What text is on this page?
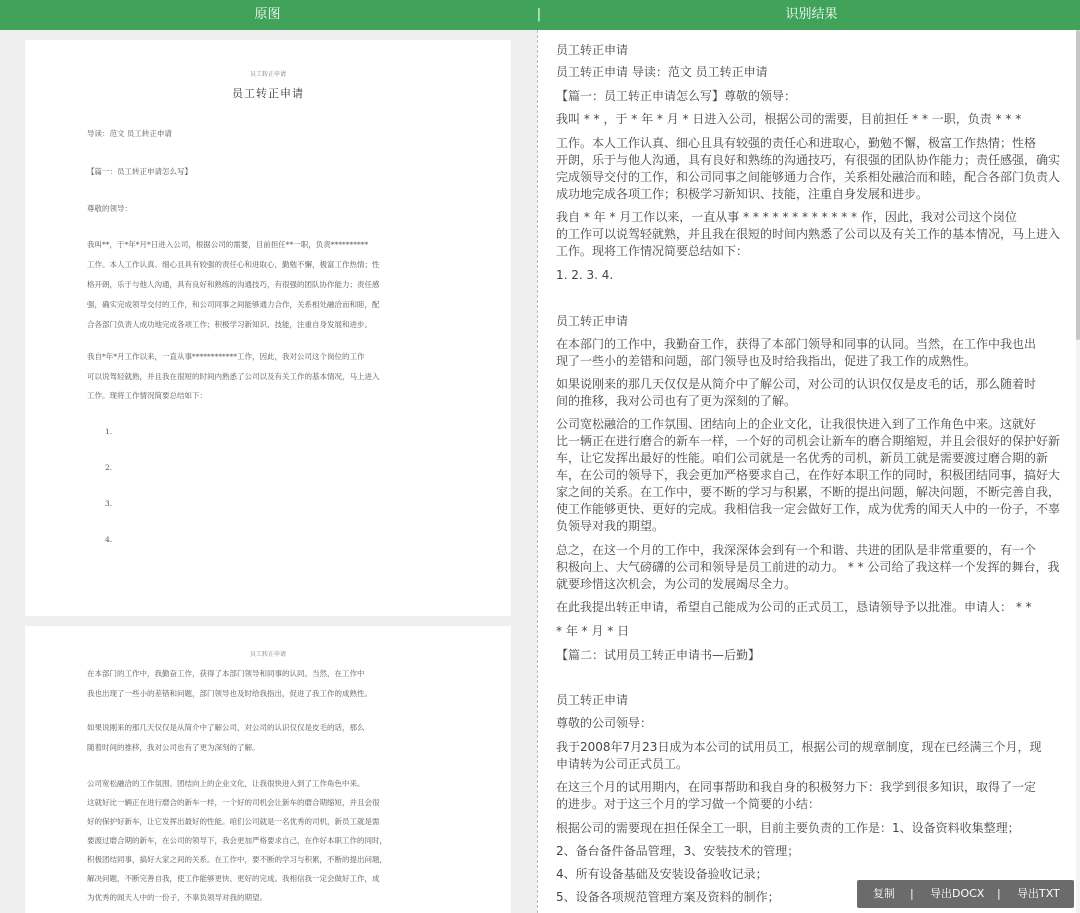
原图	|	识别结果
员工转正申请
员工转正申请
导读：范文 员工转正申请
【篇一：员工转正申请怎么写】
尊敬的领导：
我叫**，于*年*月*日进入公司，根据公司的需要，目前担任**一职，负责**********
工作。本人工作认真、细心且具有较强的责任心和进取心，勤勉不懈，极富工作热情；性
格开朗，乐于与他人沟通，具有良好和熟练的沟通技巧，有很强的团队协作能力；责任感
强，确实完成领导交付的工作，和公司同事之间能够通力合作，关系相处融洽而和睦，配
合各部门负责人成功地完成各项工作；积极学习新知识、技能，注重自身发展和进步。
我自*年*月工作以来，一直从事************工作，因此，我对公司这个岗位的工作
可以说驾轻就熟，并且我在很短的时间内熟悉了公司以及有关工作的基本情况，马上进入
工作。现将工作情况简要总结如下：
1.
2.
3.
4.
员工转正申请
在本部门的工作中，我勤奋工作，获得了本部门领导和同事的认同。当然，在工作中
我也出现了一些小的差错和问题，部门领导也及时给我指出，促进了我工作的成熟性。
如果说刚来的那几天仅仅是从简介中了解公司，对公司的认识仅仅是皮毛的话，那么
随着时间的推移，我对公司也有了更为深刻的了解。
公司宽松融洽的工作氛围、团结向上的企业文化，让我很快进入到了工作角色中来。
这就好比一辆正在进行磨合的新车一样，一个好的司机会让新车的磨合期缩短，并且会很
好的保护好新车，让它发挥出最好的性能。咱们公司就是一名优秀的司机，新员工就是需
要渡过磨合期的新车，在公司的领导下，我会更加严格要求自己，在作好本职工作的同时，
积极团结同事，搞好大家之间的关系。在工作中，要不断的学习与积累，不断的提出问题，
解决问题，不断完善自我，使工作能够更快、更好的完成。我相信我一定会做好工作，成
为优秀的闻天人中的一份子，不辜负领导对我的期望。
员工转正申请
员工转正申请 导读：范文 员工转正申请
【篇一：员工转正申请怎么写】尊敬的领导：
我叫 * * ，于 * 年 * 月 * 日进入公司，根据公司的需要，目前担任 * * 一职，负责 * * *
工作。本人工作认真、细心且具有较强的责任心和进取心，勤勉不懈，极富工作热情；性格
开朗，乐于与他人沟通，具有良好和熟练的沟通技巧，有很强的团队协作能力；责任感强，确实
完成领导交付的工作，和公司同事之间能够通力合作，关系相处融洽而和睦，配合各部门负责人
成功地完成各项工作；积极学习新知识、技能，注重自身发展和进步。
我自 * 年 * 月工作以来，一直从事 * * * * * * * * * * * * 作，因此，我对公司这个岗位
的工作可以说驾轻就熟，并且我在很短的时间内熟悉了公司以及有关工作的基本情况，马上进入
工作。现将工作情况简要总结如下：
1. 2. 3. 4.
员工转正申请
在本部门的工作中，我勤奋工作，获得了本部门领导和同事的认同。当然，在工作中我也出
现了一些小的差错和问题，部门领导也及时给我指出，促进了我工作的成熟性。
如果说刚来的那几天仅仅是从简介中了解公司，对公司的认识仅仅是皮毛的话，那么随着时
间的推移，我对公司也有了更为深刻的了解。
公司宽松融洽的工作氛围、团结向上的企业文化，让我很快进入到了工作角色中来。这就好
比一辆正在进行磨合的新车一样，一个好的司机会让新车的磨合期缩短，并且会很好的保护好新
车，让它发挥出最好的性能。咱们公司就是一名优秀的司机，新员工就是需要渡过磨合期的新
车，在公司的领导下，我会更加严格要求自己，在作好本职工作的同时，积极团结同事，搞好大
家之间的关系。在工作中，要不断的学习与积累，不断的提出问题，解决问题，不断完善自我，
使工作能够更快、更好的完成。我相信我一定会做好工作，成为优秀的闻天人中的一份子，不辜
负领导对我的期望。
总之，在这一个月的工作中，我深深体会到有一个和谐、共进的团队是非常重要的，有一个
积极向上、大气磅礴的公司和领导是员工前进的动力。 * * 公司给了我这样一个发挥的舞台，我
就要珍惜这次机会，为公司的发展竭尽全力。
在此我提出转正申请，希望自己能成为公司的正式员工，恳请领导予以批准。申请人： * *
* 年 * 月 * 日
【篇二：试用员工转正申请书—后勤】
员工转正申请
尊敬的公司领导：
我于2008年7月23日成为本公司的试用员工，根据公司的规章制度，现在已经满三个月，现
申请转为公司正式员工。
在这三个月的试用期内，在同事帮助和我自身的积极努力下：我学到很多知识，取得了一定
的进步。对于这三个月的学习做一个简要的小结：
根据公司的需要现在担任保全工一职，目前主要负责的工作是：1、设备资料收集整理；
2、备台备件备品管理，3、安装技术的管理；
4、所有设备基础及安装设备验收记录；
5、设备各项规范管理方案及资料的制作；	复制 | 导出DOCX | 导出TXT
